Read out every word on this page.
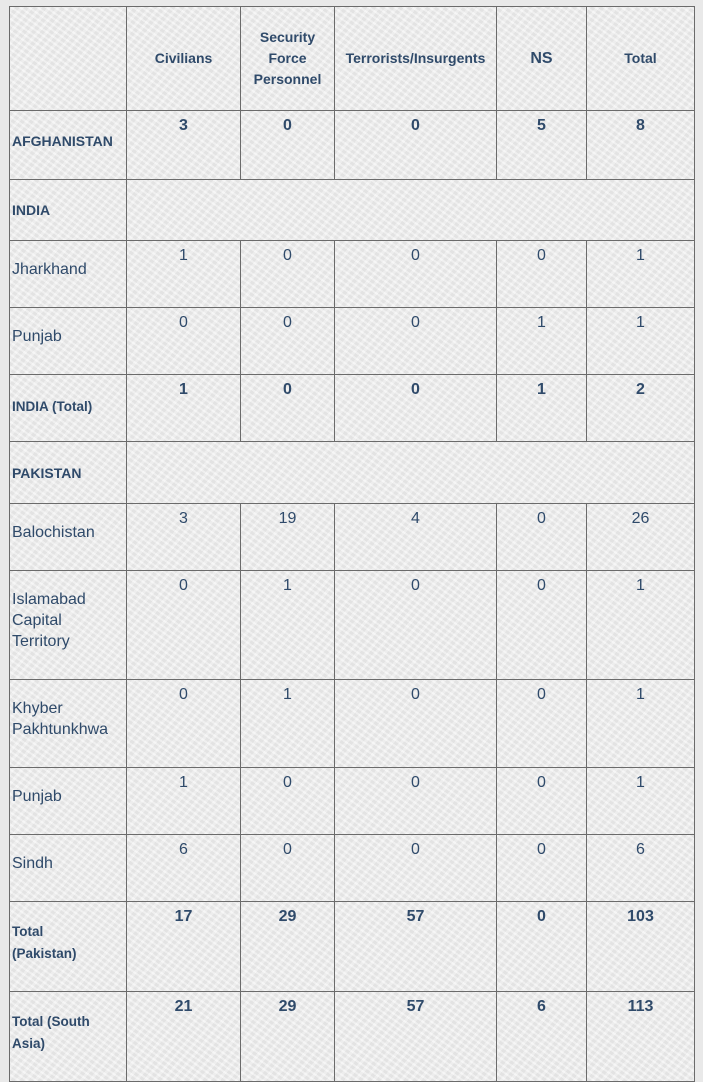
	Civilians	Security
Force
Personnel	Terrorists/Insurgents	NS	Total

AFGHANISTAN	3	0	0	5	8

INDIA					

Jharkhand	1	0	0	0	1

Punjab	0	0	0	1	1

INDIA (Total)	1	0	0	1	2

PAKISTAN					

Balochistan	3	19	4	0	26

Islamabad
Capital
Territory	0	1	0	0	1

Khyber
Pakhtunkhwa	0	1	0	0	1

Punjab	1	0	0	0	1

Sindh	6	0	0	0	6

Total
(Pakistan)	17	29	57	0	103

Total (South
Asia)	21	29	57	6	113
